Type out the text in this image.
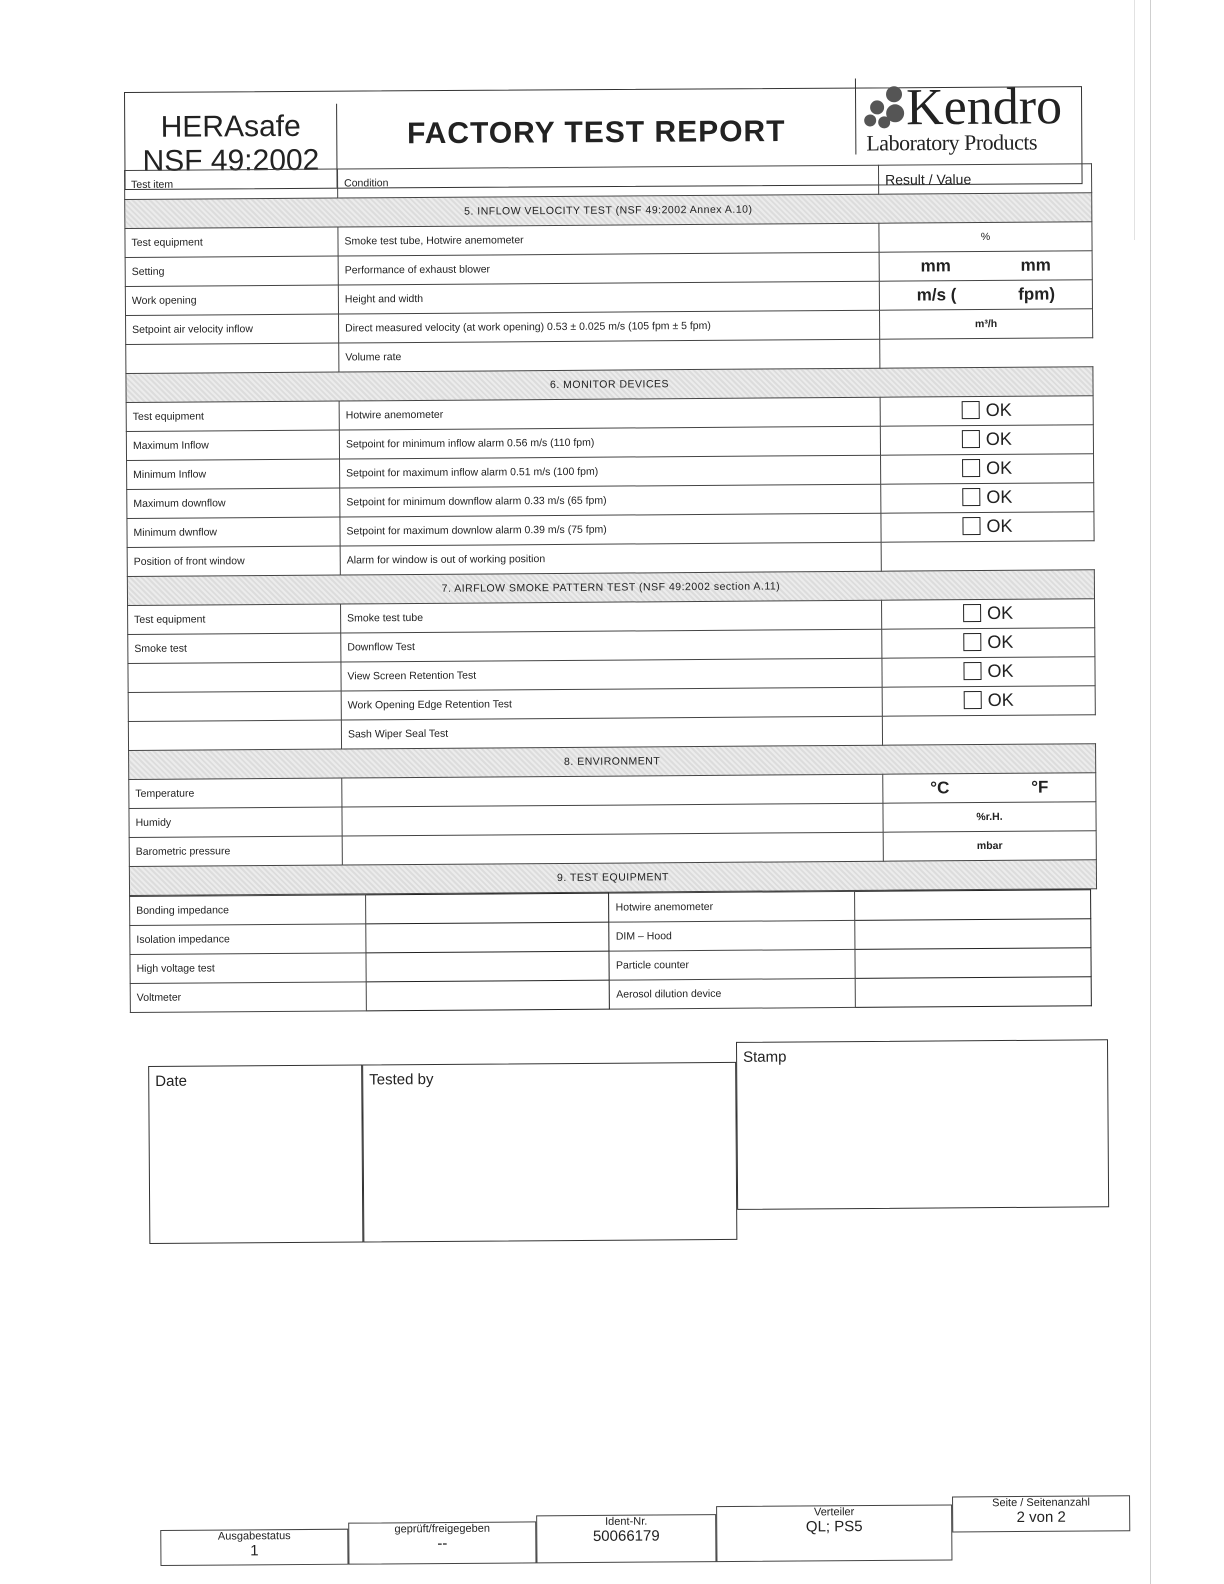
HERAsafe
NSF 49:2002
FACTORY TEST REPORT	Kendro
Laboratory Products
Test item	Condition	Result / Value
5. INFLOW VELOCITY TEST (NSF 49:2002 Annex A.10)		
Test equipment	Smoke test tube, Hotwire anemometer	%
Setting	Performance of exhaust blower	mm mm

Work opening	Height and width	m/s ( fpm)

Setpoint air velocity inflow	Direct measured velocity (at work opening) 0.53 ± 0.025 m/s (105 fpm ± 5 fpm)	m³/h
	Volume rate	
6. MONITOR DEVICES		
Test equipment	Hotwire anemometer	OK

Maximum Inflow	Setpoint for minimum inflow alarm 0.56 m/s (110 fpm)	OK

Minimum Inflow	Setpoint for maximum inflow alarm 0.51 m/s (100 fpm)	OK

Maximum downflow	Setpoint for minimum downflow alarm 0.33 m/s (65 fpm)	OK

Minimum dwnflow	Setpoint for maximum downlow alarm 0.39 m/s (75 fpm)	OK

Position of front window	Alarm for window is out of working position	
7. AIRFLOW SMOKE PATTERN TEST (NSF 49:2002 section A.11)		
Test equipment	Smoke test tube	OK

Smoke test	Downflow Test	OK

	View Screen Retention Test	OK

	Work Opening Edge Retention Test	OK

	Sash Wiper Seal Test	
8. ENVIRONMENT		
Temperature		°C °F

Humidy		%r.H.
Barometric pressure		mbar
9. TEST EQUIPMENT		
Bonding impedance		Hotwire anemometer	
Isolation impedance		DIM – Hood	
High voltage test		Particle counter	
Voltmeter		Aerosol dilution device	
Date	Tested by
Stamp
Ausgabestatus
1
geprüft/freigegeben
--
Ident-Nr.
50066179
Verteiler
QL; PS5
Seite / Seitenanzahl
2 von 2
